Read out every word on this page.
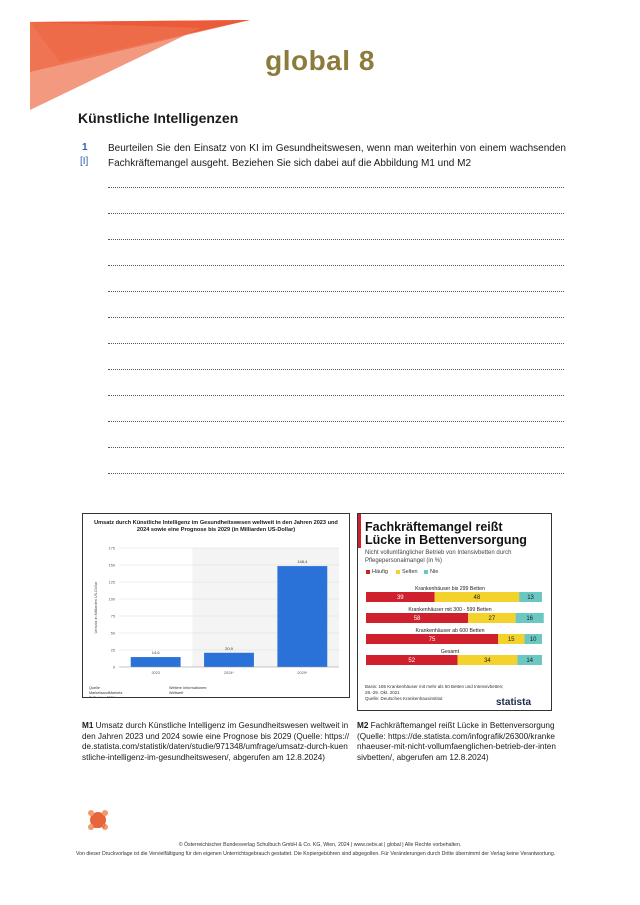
global 8
Künstliche Intelligenzen
1
[I]
Beurteilen Sie den Einsatz von KI im Gesundheitswesen, wenn man weiterhin von einem wachsenden Fachkräftemangel ausgeht. Beziehen Sie sich dabei auf die Abbildung M1 und M2
Umsatz durch Künstliche Intelligenz im Gesundheitswesen weltweit in den Jahren 2023 und 2024 sowie eine Prognose bis 2029 (in Milliarden US-Dollar)
0
25
50
75
100
125
150
175
Umsatz in Milliarden US-Dollar
14,6
2023
20,9
2024*
148,4
2029*
Quelle
MarketsandMarkets
© Statista 2024
Weitere Informationen:
Weltweit
Fachkräftemangel reißt Lücke in Bettenversorgung
Nicht vollumfänglicher Betrieb von Intensivbetten durch Pflegepersonalmangel (in %)
Häufig	Selten	Nie
Krankenhäuser bis 299 Betten
Krankenhäuser mit 300 - 599 Betten
Krankenhäuser ab 600 Betten
Gesamt
39	48	13
58	27	16
75	15	10
52	34	14
Basis: 186 Krankenhäuser mit mehr als 50 Betten und Intensivbetten; 28.-29. Okt. 2021
Quelle: Deutsches Krankenhausinstitut	statista
M1 Umsatz durch Künstliche Intelligenz im Gesundheitswesen weltweit in den Jahren 2023 und 2024 sowie eine Prognose bis 2029 (Quelle: https://de.statista.com/statistik/daten/studie/971348/umfrage/umsatz-durch-kuenstliche-intelligenz-im-gesundheitswesen/, abgerufen am 12.8.2024)
M2 Fachkräftemangel reißt Lücke in Bettenversorgung (Quelle: https://de.statista.com/infografik/26300/krankenhaeuser-mit-nicht-vollumfaenglichen-betrieb-der-intensivbetten/, abgerufen am 12.8.2024)
öbv
© Österreichischer Bundesverlag Schulbuch GmbH & Co. KG, Wien, 2024 | www.oebv.at | global | Alle Rechte vorbehalten.
Von dieser Druckvorlage ist die Vervielfältigung für den eigenen Unterrichtsgebrauch gestattet. Die Kopiergebühren sind abgegolten. Für Veränderungen durch Dritte übernimmt der Verlag keine Verantwortung.
